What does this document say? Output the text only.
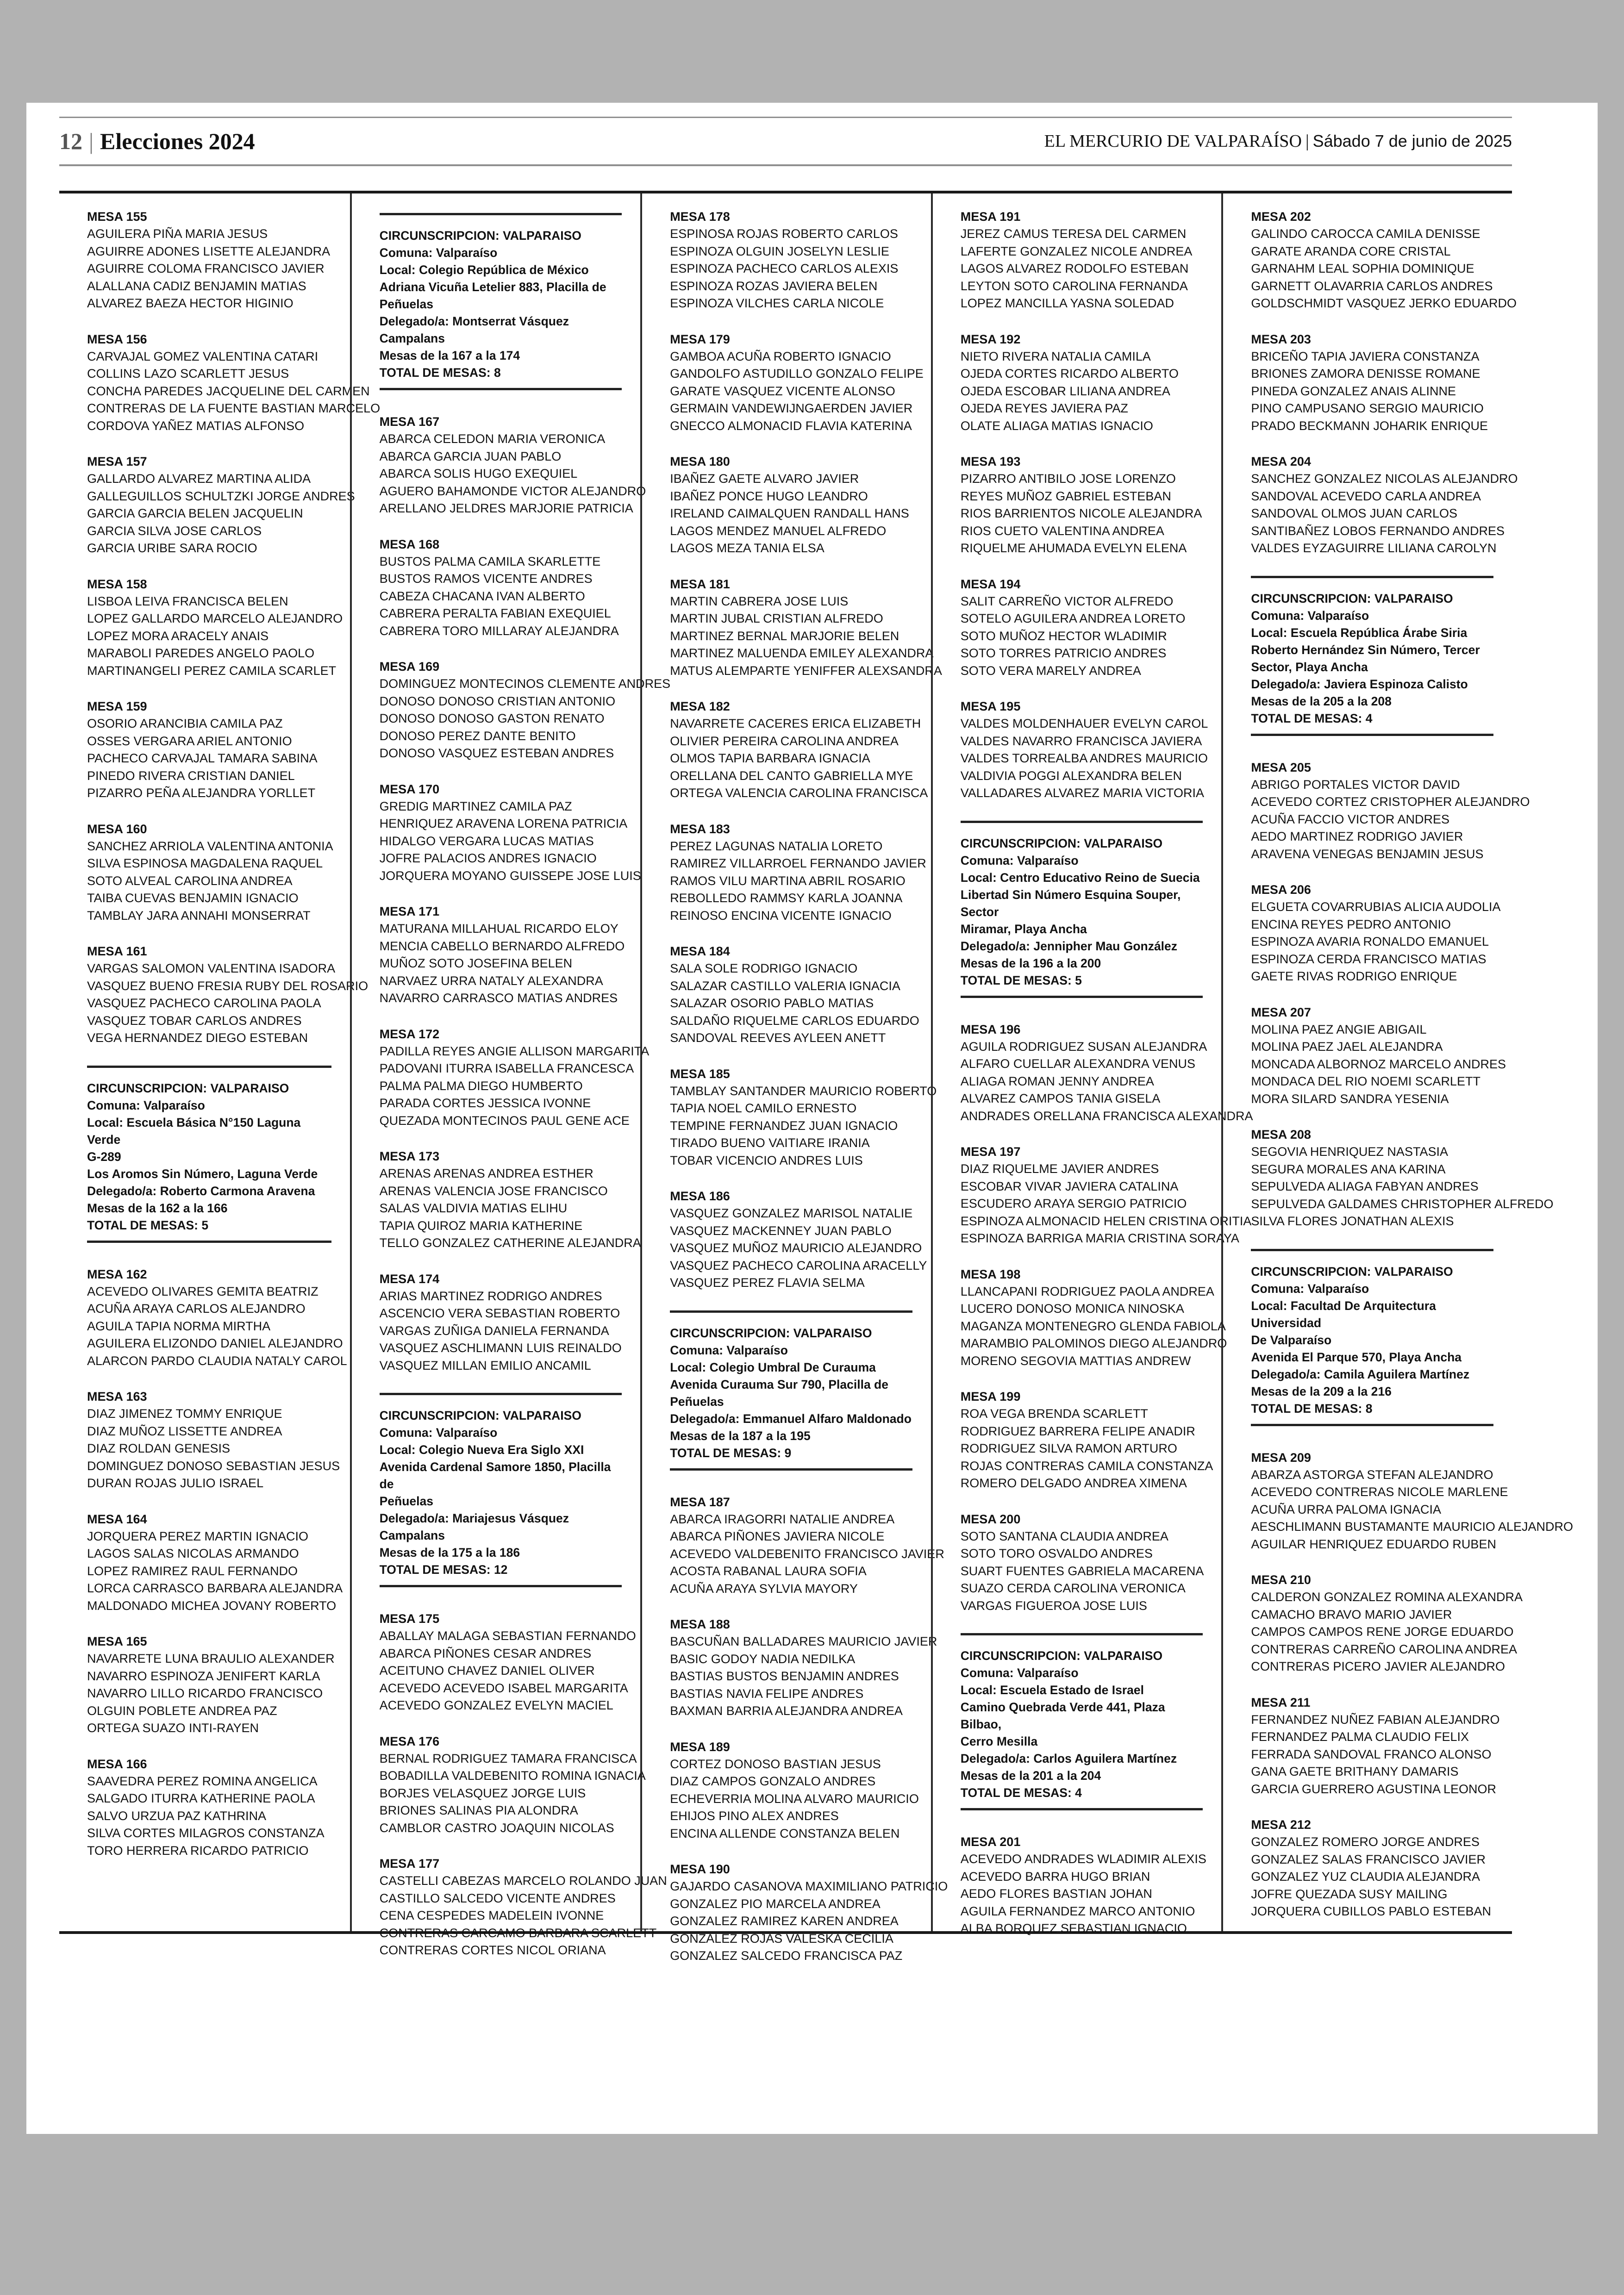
12 | Elecciones 2024	EL MERCURIO DE VALPARAÍSO | Sábado 7 de junio de 2025
MESA 155
AGUILERA PIÑA MARIA JESUS
AGUIRRE ADONES LISETTE ALEJANDRA
AGUIRRE COLOMA FRANCISCO JAVIER
ALALLANA CADIZ BENJAMIN MATIAS
ALVAREZ BAEZA HECTOR HIGINIO
MESA 156
CARVAJAL GOMEZ VALENTINA CATARI
COLLINS LAZO SCARLETT JESUS
CONCHA PAREDES JACQUELINE DEL CARMEN
CONTRERAS DE LA FUENTE BASTIAN MARCELO
CORDOVA YAÑEZ MATIAS ALFONSO
MESA 157
GALLARDO ALVAREZ MARTINA ALIDA
GALLEGUILLOS SCHULTZKI JORGE ANDRES
GARCIA GARCIA BELEN JACQUELIN
GARCIA SILVA JOSE CARLOS
GARCIA URIBE SARA ROCIO
MESA 158
LISBOA LEIVA FRANCISCA BELEN
LOPEZ GALLARDO MARCELO ALEJANDRO
LOPEZ MORA ARACELY ANAIS
MARABOLI PAREDES ANGELO PAOLO
MARTINANGELI PEREZ CAMILA SCARLET
MESA 159
OSORIO ARANCIBIA CAMILA PAZ
OSSES VERGARA ARIEL ANTONIO
PACHECO CARVAJAL TAMARA SABINA
PINEDO RIVERA CRISTIAN DANIEL
PIZARRO PEÑA ALEJANDRA YORLLET
MESA 160
SANCHEZ ARRIOLA VALENTINA ANTONIA
SILVA ESPINOSA MAGDALENA RAQUEL
SOTO ALVEAL CAROLINA ANDREA
TAIBA CUEVAS BENJAMIN IGNACIO
TAMBLAY JARA ANNAHI MONSERRAT
MESA 161
VARGAS SALOMON VALENTINA ISADORA
VASQUEZ BUENO FRESIA RUBY DEL ROSARIO
VASQUEZ PACHECO CAROLINA PAOLA
VASQUEZ TOBAR CARLOS ANDRES
VEGA HERNANDEZ DIEGO ESTEBAN
CIRCUNSCRIPCION: VALPARAISO
Comuna: Valparaíso
Local: Escuela Básica N°150 Laguna Verde
G-289
Los Aromos Sin Número, Laguna Verde
Delegado/a: Roberto Carmona Aravena
Mesas de la 162 a la 166
TOTAL DE MESAS: 5
MESA 162
ACEVEDO OLIVARES GEMITA BEATRIZ
ACUÑA ARAYA CARLOS ALEJANDRO
AGUILA TAPIA NORMA MIRTHA
AGUILERA ELIZONDO DANIEL ALEJANDRO
ALARCON PARDO CLAUDIA NATALY CAROL
MESA 163
DIAZ JIMENEZ TOMMY ENRIQUE
DIAZ MUÑOZ LISSETTE ANDREA
DIAZ ROLDAN GENESIS
DOMINGUEZ DONOSO SEBASTIAN JESUS
DURAN ROJAS JULIO ISRAEL
MESA 164
JORQUERA PEREZ MARTIN IGNACIO
LAGOS SALAS NICOLAS ARMANDO
LOPEZ RAMIREZ RAUL FERNANDO
LORCA CARRASCO BARBARA ALEJANDRA
MALDONADO MICHEA JOVANY ROBERTO
MESA 165
NAVARRETE LUNA BRAULIO ALEXANDER
NAVARRO ESPINOZA JENIFERT KARLA
NAVARRO LILLO RICARDO FRANCISCO
OLGUIN POBLETE ANDREA PAZ
ORTEGA SUAZO INTI-RAYEN
MESA 166
SAAVEDRA PEREZ ROMINA ANGELICA
SALGADO ITURRA KATHERINE PAOLA
SALVO URZUA PAZ KATHRINA
SILVA CORTES MILAGROS CONSTANZA
TORO HERRERA RICARDO PATRICIO
CIRCUNSCRIPCION: VALPARAISO
Comuna: Valparaíso
Local: Colegio República de México
Adriana Vicuña Letelier 883, Placilla de
Peñuelas
Delegado/a: Montserrat Vásquez Campalans
Mesas de la 167 a la 174
TOTAL DE MESAS: 8
MESA 167
ABARCA CELEDON MARIA VERONICA
ABARCA GARCIA JUAN PABLO
ABARCA SOLIS HUGO EXEQUIEL
AGUERO BAHAMONDE VICTOR ALEJANDRO
ARELLANO JELDRES MARJORIE PATRICIA
MESA 168
BUSTOS PALMA CAMILA SKARLETTE
BUSTOS RAMOS VICENTE ANDRES
CABEZA CHACANA IVAN ALBERTO
CABRERA PERALTA FABIAN EXEQUIEL
CABRERA TORO MILLARAY ALEJANDRA
MESA 169
DOMINGUEZ MONTECINOS CLEMENTE ANDRES
DONOSO DONOSO CRISTIAN ANTONIO
DONOSO DONOSO GASTON RENATO
DONOSO PEREZ DANTE BENITO
DONOSO VASQUEZ ESTEBAN ANDRES
MESA 170
GREDIG MARTINEZ CAMILA PAZ
HENRIQUEZ ARAVENA LORENA PATRICIA
HIDALGO VERGARA LUCAS MATIAS
JOFRE PALACIOS ANDRES IGNACIO
JORQUERA MOYANO GUISSEPE JOSE LUIS
MESA 171
MATURANA MILLAHUAL RICARDO ELOY
MENCIA CABELLO BERNARDO ALFREDO
MUÑOZ SOTO JOSEFINA BELEN
NARVAEZ URRA NATALY ALEXANDRA
NAVARRO CARRASCO MATIAS ANDRES
MESA 172
PADILLA REYES ANGIE ALLISON MARGARITA
PADOVANI ITURRA ISABELLA FRANCESCA
PALMA PALMA DIEGO HUMBERTO
PARADA CORTES JESSICA IVONNE
QUEZADA MONTECINOS PAUL GENE ACE
MESA 173
ARENAS ARENAS ANDREA ESTHER
ARENAS VALENCIA JOSE FRANCISCO
SALAS VALDIVIA MATIAS ELIHU
TAPIA QUIROZ MARIA KATHERINE
TELLO GONZALEZ CATHERINE ALEJANDRA
MESA 174
ARIAS MARTINEZ RODRIGO ANDRES
ASCENCIO VERA SEBASTIAN ROBERTO
VARGAS ZUÑIGA DANIELA FERNANDA
VASQUEZ ASCHLIMANN LUIS REINALDO
VASQUEZ MILLAN EMILIO ANCAMIL
CIRCUNSCRIPCION: VALPARAISO
Comuna: Valparaíso
Local: Colegio Nueva Era Siglo XXI
Avenida Cardenal Samore 1850, Placilla de
Peñuelas
Delegado/a: Mariajesus Vásquez Campalans
Mesas de la 175 a la 186
TOTAL DE MESAS: 12
MESA 175
ABALLAY MALAGA SEBASTIAN FERNANDO
ABARCA PIÑONES CESAR ANDRES
ACEITUNO CHAVEZ DANIEL OLIVER
ACEVEDO ACEVEDO ISABEL MARGARITA
ACEVEDO GONZALEZ EVELYN MACIEL
MESA 176
BERNAL RODRIGUEZ TAMARA FRANCISCA
BOBADILLA VALDEBENITO ROMINA IGNACIA
BORJES VELASQUEZ JORGE LUIS
BRIONES SALINAS PIA ALONDRA
CAMBLOR CASTRO JOAQUIN NICOLAS
MESA 177
CASTELLI CABEZAS MARCELO ROLANDO JUAN
CASTILLO SALCEDO VICENTE ANDRES
CENA CESPEDES MADELEIN IVONNE
CONTRERAS CARCAMO BARBARA SCARLETT
CONTRERAS CORTES NICOL ORIANA
MESA 178
ESPINOSA ROJAS ROBERTO CARLOS
ESPINOZA OLGUIN JOSELYN LESLIE
ESPINOZA PACHECO CARLOS ALEXIS
ESPINOZA ROZAS JAVIERA BELEN
ESPINOZA VILCHES CARLA NICOLE
MESA 179
GAMBOA ACUÑA ROBERTO IGNACIO
GANDOLFO ASTUDILLO GONZALO FELIPE
GARATE VASQUEZ VICENTE ALONSO
GERMAIN VANDEWIJNGAERDEN JAVIER
GNECCO ALMONACID FLAVIA KATERINA
MESA 180
IBAÑEZ GAETE ALVARO JAVIER
IBAÑEZ PONCE HUGO LEANDRO
IRELAND CAIMALQUEN RANDALL HANS
LAGOS MENDEZ MANUEL ALFREDO
LAGOS MEZA TANIA ELSA
MESA 181
MARTIN CABRERA JOSE LUIS
MARTIN JUBAL CRISTIAN ALFREDO
MARTINEZ BERNAL MARJORIE BELEN
MARTINEZ MALUENDA EMILEY ALEXANDRA
MATUS ALEMPARTE YENIFFER ALEXSANDRA
MESA 182
NAVARRETE CACERES ERICA ELIZABETH
OLIVIER PEREIRA CAROLINA ANDREA
OLMOS TAPIA BARBARA IGNACIA
ORELLANA DEL CANTO GABRIELLA MYE
ORTEGA VALENCIA CAROLINA FRANCISCA
MESA 183
PEREZ LAGUNAS NATALIA LORETO
RAMIREZ VILLARROEL FERNANDO JAVIER
RAMOS VILU MARTINA ABRIL ROSARIO
REBOLLEDO RAMMSY KARLA JOANNA
REINOSO ENCINA VICENTE IGNACIO
MESA 184
SALA SOLE RODRIGO IGNACIO
SALAZAR CASTILLO VALERIA IGNACIA
SALAZAR OSORIO PABLO MATIAS
SALDAÑO RIQUELME CARLOS EDUARDO
SANDOVAL REEVES AYLEEN ANETT
MESA 185
TAMBLAY SANTANDER MAURICIO ROBERTO
TAPIA NOEL CAMILO ERNESTO
TEMPINE FERNANDEZ JUAN IGNACIO
TIRADO BUENO VAITIARE IRANIA
TOBAR VICENCIO ANDRES LUIS
MESA 186
VASQUEZ GONZALEZ MARISOL NATALIE
VASQUEZ MACKENNEY JUAN PABLO
VASQUEZ MUÑOZ MAURICIO ALEJANDRO
VASQUEZ PACHECO CAROLINA ARACELLY
VASQUEZ PEREZ FLAVIA SELMA
CIRCUNSCRIPCION: VALPARAISO
Comuna: Valparaíso
Local: Colegio Umbral De Curauma
Avenida Curauma Sur 790, Placilla de
Peñuelas
Delegado/a: Emmanuel Alfaro Maldonado
Mesas de la 187 a la 195
TOTAL DE MESAS: 9
MESA 187
ABARCA IRAGORRI NATALIE ANDREA
ABARCA PIÑONES JAVIERA NICOLE
ACEVEDO VALDEBENITO FRANCISCO JAVIER
ACOSTA RABANAL LAURA SOFIA
ACUÑA ARAYA SYLVIA MAYORY
MESA 188
BASCUÑAN BALLADARES MAURICIO JAVIER
BASIC GODOY NADIA NEDILKA
BASTIAS BUSTOS BENJAMIN ANDRES
BASTIAS NAVIA FELIPE ANDRES
BAXMAN BARRIA ALEJANDRA ANDREA
MESA 189
CORTEZ DONOSO BASTIAN JESUS
DIAZ CAMPOS GONZALO ANDRES
ECHEVERRIA MOLINA ALVARO MAURICIO
EHIJOS PINO ALEX ANDRES
ENCINA ALLENDE CONSTANZA BELEN
MESA 190
GAJARDO CASANOVA MAXIMILIANO PATRICIO
GONZALEZ PIO MARCELA ANDREA
GONZALEZ RAMIREZ KAREN ANDREA
GONZALEZ ROJAS VALESKA CECILIA
GONZALEZ SALCEDO FRANCISCA PAZ
MESA 191
JEREZ CAMUS TERESA DEL CARMEN
LAFERTE GONZALEZ NICOLE ANDREA
LAGOS ALVAREZ RODOLFO ESTEBAN
LEYTON SOTO CAROLINA FERNANDA
LOPEZ MANCILLA YASNA SOLEDAD
MESA 192
NIETO RIVERA NATALIA CAMILA
OJEDA CORTES RICARDO ALBERTO
OJEDA ESCOBAR LILIANA ANDREA
OJEDA REYES JAVIERA PAZ
OLATE ALIAGA MATIAS IGNACIO
MESA 193
PIZARRO ANTIBILO JOSE LORENZO
REYES MUÑOZ GABRIEL ESTEBAN
RIOS BARRIENTOS NICOLE ALEJANDRA
RIOS CUETO VALENTINA ANDREA
RIQUELME AHUMADA EVELYN ELENA
MESA 194
SALIT CARREÑO VICTOR ALFREDO
SOTELO AGUILERA ANDREA LORETO
SOTO MUÑOZ HECTOR WLADIMIR
SOTO TORRES PATRICIO ANDRES
SOTO VERA MARELY ANDREA
MESA 195
VALDES MOLDENHAUER EVELYN CAROL
VALDES NAVARRO FRANCISCA JAVIERA
VALDES TORREALBA ANDRES MAURICIO
VALDIVIA POGGI ALEXANDRA BELEN
VALLADARES ALVAREZ MARIA VICTORIA
CIRCUNSCRIPCION: VALPARAISO
Comuna: Valparaíso
Local: Centro Educativo Reino de Suecia
Libertad Sin Número Esquina Souper, Sector
Miramar, Playa Ancha
Delegado/a: Jennipher Mau González
Mesas de la 196 a la 200
TOTAL DE MESAS: 5
MESA 196
AGUILA RODRIGUEZ SUSAN ALEJANDRA
ALFARO CUELLAR ALEXANDRA VENUS
ALIAGA ROMAN JENNY ANDREA
ALVAREZ CAMPOS TANIA GISELA
ANDRADES ORELLANA FRANCISCA ALEXANDRA
MESA 197
DIAZ RIQUELME JAVIER ANDRES
ESCOBAR VIVAR JAVIERA CATALINA
ESCUDERO ARAYA SERGIO PATRICIO
ESPINOZA ALMONACID HELEN CRISTINA ORITIA
ESPINOZA BARRIGA MARIA CRISTINA SORAYA
MESA 198
LLANCAPANI RODRIGUEZ PAOLA ANDREA
LUCERO DONOSO MONICA NINOSKA
MAGANZA MONTENEGRO GLENDA FABIOLA
MARAMBIO PALOMINOS DIEGO ALEJANDRO
MORENO SEGOVIA MATTIAS ANDREW
MESA 199
ROA VEGA BRENDA SCARLETT
RODRIGUEZ BARRERA FELIPE ANADIR
RODRIGUEZ SILVA RAMON ARTURO
ROJAS CONTRERAS CAMILA CONSTANZA
ROMERO DELGADO ANDREA XIMENA
MESA 200
SOTO SANTANA CLAUDIA ANDREA
SOTO TORO OSVALDO ANDRES
SUART FUENTES GABRIELA MACARENA
SUAZO CERDA CAROLINA VERONICA
VARGAS FIGUEROA JOSE LUIS
CIRCUNSCRIPCION: VALPARAISO
Comuna: Valparaíso
Local: Escuela Estado de Israel
Camino Quebrada Verde 441, Plaza Bilbao,
Cerro Mesilla
Delegado/a: Carlos Aguilera Martínez
Mesas de la 201 a la 204
TOTAL DE MESAS: 4
MESA 201
ACEVEDO ANDRADES WLADIMIR ALEXIS
ACEVEDO BARRA HUGO BRIAN
AEDO FLORES BASTIAN JOHAN
AGUILA FERNANDEZ MARCO ANTONIO
ALBA BORQUEZ SEBASTIAN IGNACIO
MESA 202
GALINDO CAROCCA CAMILA DENISSE
GARATE ARANDA CORE CRISTAL
GARNAHM LEAL SOPHIA DOMINIQUE
GARNETT OLAVARRIA CARLOS ANDRES
GOLDSCHMIDT VASQUEZ JERKO EDUARDO
MESA 203
BRICEÑO TAPIA JAVIERA CONSTANZA
BRIONES ZAMORA DENISSE ROMANE
PINEDA GONZALEZ ANAIS ALINNE
PINO CAMPUSANO SERGIO MAURICIO
PRADO BECKMANN JOHARIK ENRIQUE
MESA 204
SANCHEZ GONZALEZ NICOLAS ALEJANDRO
SANDOVAL ACEVEDO CARLA ANDREA
SANDOVAL OLMOS JUAN CARLOS
SANTIBAÑEZ LOBOS FERNANDO ANDRES
VALDES EYZAGUIRRE LILIANA CAROLYN
CIRCUNSCRIPCION: VALPARAISO
Comuna: Valparaíso
Local: Escuela República Árabe Siria
Roberto Hernández Sin Número, Tercer
Sector, Playa Ancha
Delegado/a: Javiera Espinoza Calisto
Mesas de la 205 a la 208
TOTAL DE MESAS: 4
MESA 205
ABRIGO PORTALES VICTOR DAVID
ACEVEDO CORTEZ CRISTOPHER ALEJANDRO
ACUÑA FACCIO VICTOR ANDRES
AEDO MARTINEZ RODRIGO JAVIER
ARAVENA VENEGAS BENJAMIN JESUS
MESA 206
ELGUETA COVARRUBIAS ALICIA AUDOLIA
ENCINA REYES PEDRO ANTONIO
ESPINOZA AVARIA RONALDO EMANUEL
ESPINOZA CERDA FRANCISCO MATIAS
GAETE RIVAS RODRIGO ENRIQUE
MESA 207
MOLINA PAEZ ANGIE ABIGAIL
MOLINA PAEZ JAEL ALEJANDRA
MONCADA ALBORNOZ MARCELO ANDRES
MONDACA DEL RIO NOEMI SCARLETT
MORA SILARD SANDRA YESENIA
MESA 208
SEGOVIA HENRIQUEZ NASTASIA
SEGURA MORALES ANA KARINA
SEPULVEDA ALIAGA FABYAN ANDRES
SEPULVEDA GALDAMES CHRISTOPHER ALFREDO
SILVA FLORES JONATHAN ALEXIS
CIRCUNSCRIPCION: VALPARAISO
Comuna: Valparaíso
Local: Facultad De Arquitectura Universidad
De Valparaíso
Avenida El Parque 570, Playa Ancha
Delegado/a: Camila Aguilera Martínez
Mesas de la 209 a la 216
TOTAL DE MESAS: 8
MESA 209
ABARZA ASTORGA STEFAN ALEJANDRO
ACEVEDO CONTRERAS NICOLE MARLENE
ACUÑA URRA PALOMA IGNACIA
AESCHLIMANN BUSTAMANTE MAURICIO ALEJANDRO
AGUILAR HENRIQUEZ EDUARDO RUBEN
MESA 210
CALDERON GONZALEZ ROMINA ALEXANDRA
CAMACHO BRAVO MARIO JAVIER
CAMPOS CAMPOS RENE JORGE EDUARDO
CONTRERAS CARREÑO CAROLINA ANDREA
CONTRERAS PICERO JAVIER ALEJANDRO
MESA 211
FERNANDEZ NUÑEZ FABIAN ALEJANDRO
FERNANDEZ PALMA CLAUDIO FELIX
FERRADA SANDOVAL FRANCO ALONSO
GANA GAETE BRITHANY DAMARIS
GARCIA GUERRERO AGUSTINA LEONOR
MESA 212
GONZALEZ ROMERO JORGE ANDRES
GONZALEZ SALAS FRANCISCO JAVIER
GONZALEZ YUZ CLAUDIA ALEJANDRA
JOFRE QUEZADA SUSY MAILING
JORQUERA CUBILLOS PABLO ESTEBAN
